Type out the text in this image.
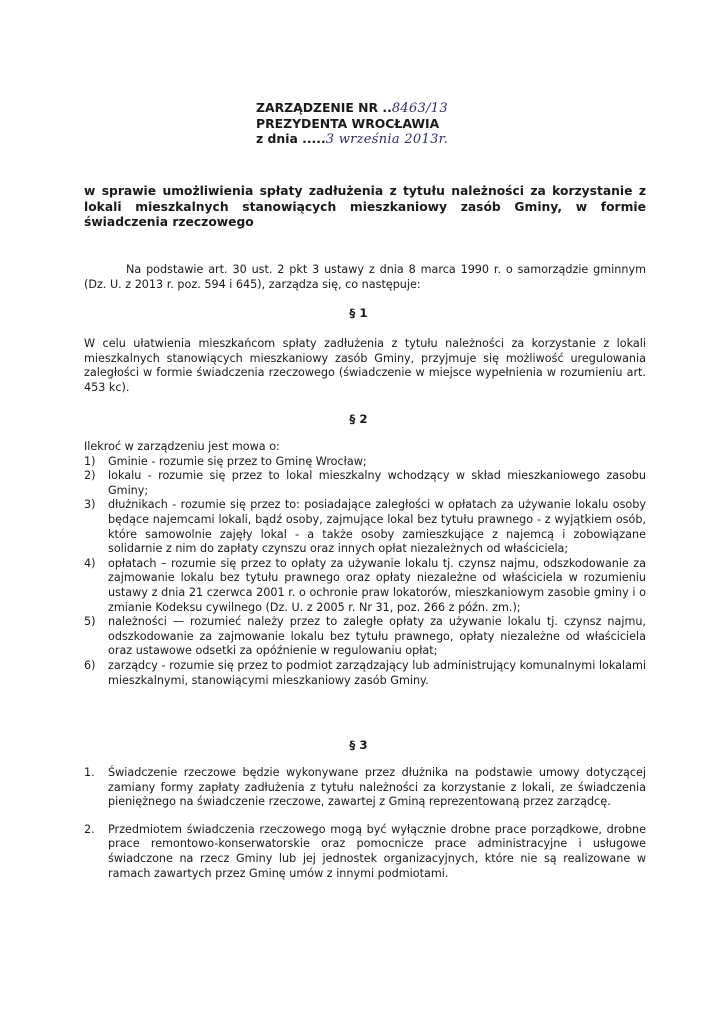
ZARZĄDZENIE NR ..8463/13
PREZYDENTA WROCŁAWIA
z dnia .....3 września 2013r.
w sprawie umożliwienia spłaty zadłużenia z tytułu należności za korzystanie z lokali mieszkalnych stanowiących mieszkaniowy zasób Gminy, w formie świadczenia rzeczowego

Na podstawie art. 30 ust. 2 pkt 3 ustawy z dnia 8 marca 1990 r. o samorządzie gminnym (Dz. U. z 2013 r. poz. 594 i 645), zarządza się, co następuje:

§ 1

W celu ułatwienia mieszkańcom spłaty zadłużenia z tytułu należności za korzystanie z lokali mieszkalnych stanowiących mieszkaniowy zasób Gminy, przyjmuje się możliwość uregulowania zaległości w formie świadczenia rzeczowego (świadczenie w miejsce wypełnienia w rozumieniu art. 453 kc).

§ 2

Ilekroć w zarządzeniu jest mowa o:

1) Gminie - rozumie się przez to Gminę Wrocław;
2) lokalu - rozumie się przez to lokal mieszkalny wchodzący w skład mieszkaniowego zasobu Gminy;
3) dłużnikach - rozumie się przez to: posiadające zaległości w opłatach za używanie lokalu osoby będące najemcami lokali, bądź osoby, zajmujące lokal bez tytułu prawnego - z wyjątkiem osób, które samowolnie zajęły lokal - a także osoby zamieszkujące z najemcą i zobowiązane solidarnie z nim do zapłaty czynszu oraz innych opłat niezależnych od właściciela;
4) opłatach – rozumie się przez to opłaty za używanie lokalu tj. czynsz najmu, odszkodowanie za zajmowanie lokalu bez tytułu prawnego oraz opłaty niezależne od właściciela w rozumieniu ustawy z dnia 21 czerwca 2001 r. o ochronie praw lokatorów, mieszkaniowym zasobie gminy i o zmianie Kodeksu cywilnego (Dz. U. z 2005 r. Nr 31, poz. 266 z późn. zm.);
5) należności — rozumieć należy przez to zaległe opłaty za używanie lokalu tj. czynsz najmu, odszkodowanie za zajmowanie lokalu bez tytułu prawnego, opłaty niezależne od właściciela oraz ustawowe odsetki za opóźnienie w regulowaniu opłat;
6) zarządcy - rozumie się przez to podmiot zarządzający lub administrujący komunalnymi lokalami mieszkalnymi, stanowiącymi mieszkaniowy zasób Gminy.
§ 3
1. Świadczenie rzeczowe będzie wykonywane przez dłużnika na podstawie umowy dotyczącej zamiany formy zapłaty zadłużenia z tytułu należności za korzystanie z lokali, ze świadczenia pieniężnego na świadczenie rzeczowe, zawartej z Gminą reprezentowaną przez zarządcę.
2. Przedmiotem świadczenia rzeczowego mogą być wyłącznie drobne prace porządkowe, drobne prace remontowo-konserwatorskie oraz pomocnicze prace administracyjne i usługowe świadczone na rzecz Gminy lub jej jednostek organizacyjnych, które nie są realizowane w ramach zawartych przez Gminę umów z innymi podmiotami.
